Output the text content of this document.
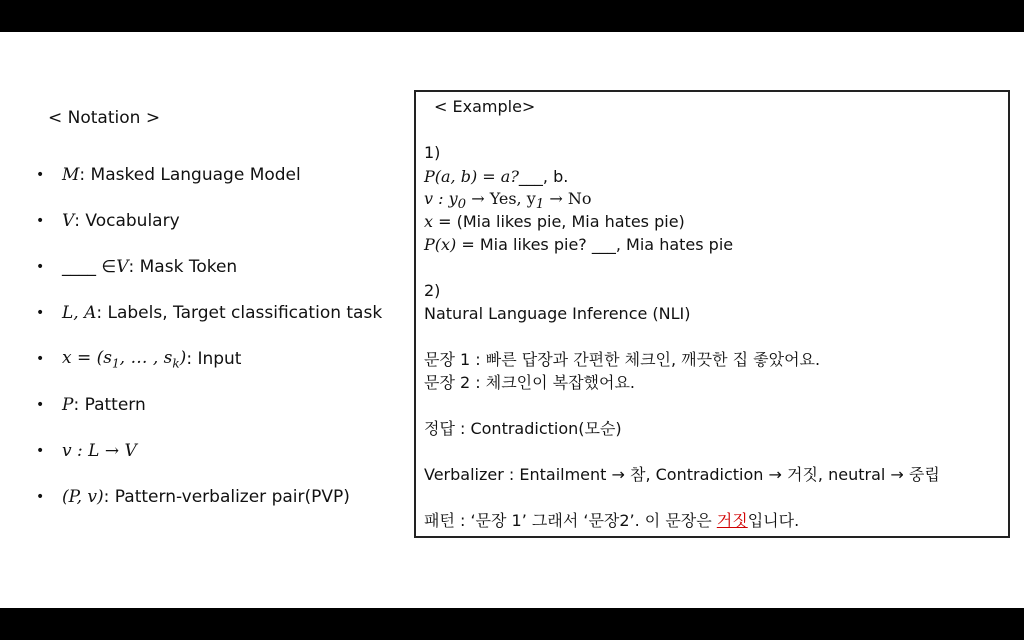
< Notation >
•	M : Masked Language Model
•	V : Vocabulary
•	____ ∈ V : Mask Token
•	L, A : Labels, Target classification task
•	$x = (s_1$, … , $s_k$) : Input
•	P : Pattern
•	v : L → V
•	(P, v) : Pattern-verbalizer pair(PVP)
< Example>
1)
P(a, b) = a?___, b.
v : $y_0$ → Yes, $y_1 \to No$
x = (Mia likes pie, Mia hates pie)
P(x) = Mia likes pie? ___, Mia hates pie
2)
Natural Language Inference (NLI)
문장 1 : 빠른 답장과 간편한 체크인, 깨끗한 집 좋았어요.
문장 2 : 체크인이 복잡했어요.
정답 : Contradiction(모순)
Verbalizer : Entailment → 참, Contradiction → 거짓, neutral → 중립
패턴 : ‘문장 1’ 그래서 ‘문장2’. 이 문장은 거짓입니다.
